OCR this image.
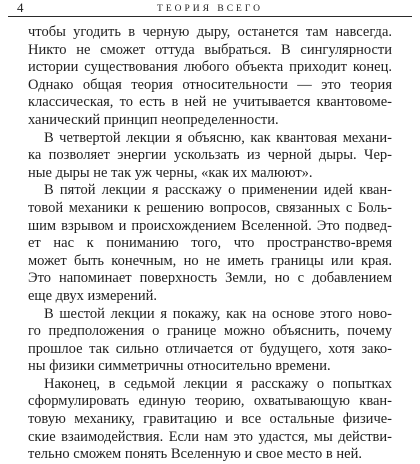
4	ТЕОРИЯ ВСЕГО

чтобы угодить в черную дыру, останется там навсегда.
Никто не сможет оттуда выбраться. В сингулярности
истории существования любого объекта приходит конец.
Однако общая теория относительности — это теория
классическая, то есть в ней не учитывается квантовоме-
ханический принцип неопределенности.

В четвертой лекции я объясню, как квантовая механи-
ка позволяет энергии ускользать из черной дыры. Чер-
ные дыры не так уж черны, «как их малюют».

В пятой лекции я расскажу о применении идей кван-
товой механики к решению вопросов, связанных с Боль-
шим взрывом и происхождением Вселенной. Это подвед-
ет нас к пониманию того, что пространство-время
может быть конечным, но не иметь границы или края.
Это напоминает поверхность Земли, но с добавлением
еще двух измерений.

В шестой лекции я покажу, как на основе этого ново-
го предположения о границе можно объяснить, почему
прошлое так сильно отличается от будущего, хотя зако-
ны физики симметричны относительно времени.

Наконец, в седьмой лекции я расскажу о попытках
сформулировать единую теорию, охватывающую кван-
товую механику, гравитацию и все остальные физиче-
ские взаимодействия. Если нам это удастся, мы действи-
тельно сможем понять Вселенную и свое место в ней.
